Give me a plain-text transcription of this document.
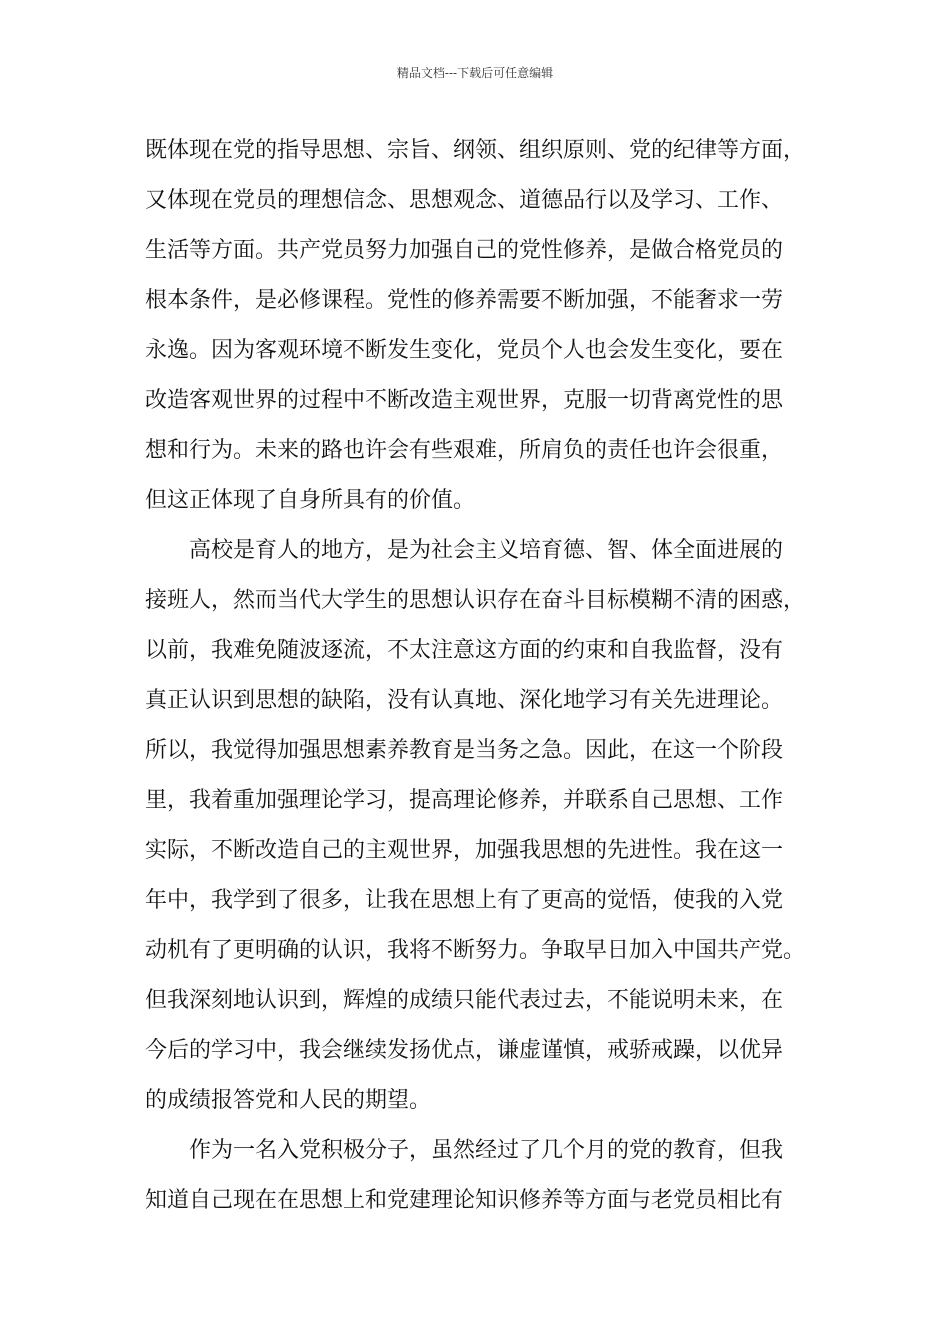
精品文档---下载后可任意编辑
既体现在党的指导思想、宗旨、纲领、组织原则、党的纪律等方面，
又体现在党员的理想信念、思想观念、道德品行以及学习、工作、
生活等方面。共产党员努力加强自己的党性修养，是做合格党员的
根本条件，是必修课程。党性的修养需要不断加强，不能奢求一劳
永逸。因为客观环境不断发生变化，党员个人也会发生变化，要在
改造客观世界的过程中不断改造主观世界，克服一切背离党性的思
想和行为。未来的路也许会有些艰难，所肩负的责任也许会很重，
但这正体现了自身所具有的价值。
　　高校是育人的地方，是为社会主义培育德、智、体全面进展的
接班人，然而当代大学生的思想认识存在奋斗目标模糊不清的困惑，
以前，我难免随波逐流，不太注意这方面的约束和自我监督，没有
真正认识到思想的缺陷，没有认真地、深化地学习有关先进理论。
所以，我觉得加强思想素养教育是当务之急。因此，在这一个阶段
里，我着重加强理论学习，提高理论修养，并联系自己思想、工作
实际，不断改造自己的主观世界，加强我思想的先进性。我在这一
年中，我学到了很多，让我在思想上有了更高的觉悟，使我的入党
动机有了更明确的认识，我将不断努力。争取早日加入中国共产党。
但我深刻地认识到，辉煌的成绩只能代表过去，不能说明未来，在
今后的学习中，我会继续发扬优点，谦虚谨慎，戒骄戒躁，以优异
的成绩报答党和人民的期望。
　　作为一名入党积极分子，虽然经过了几个月的党的教育，但我
知道自己现在在思想上和党建理论知识修养等方面与老党员相比有
